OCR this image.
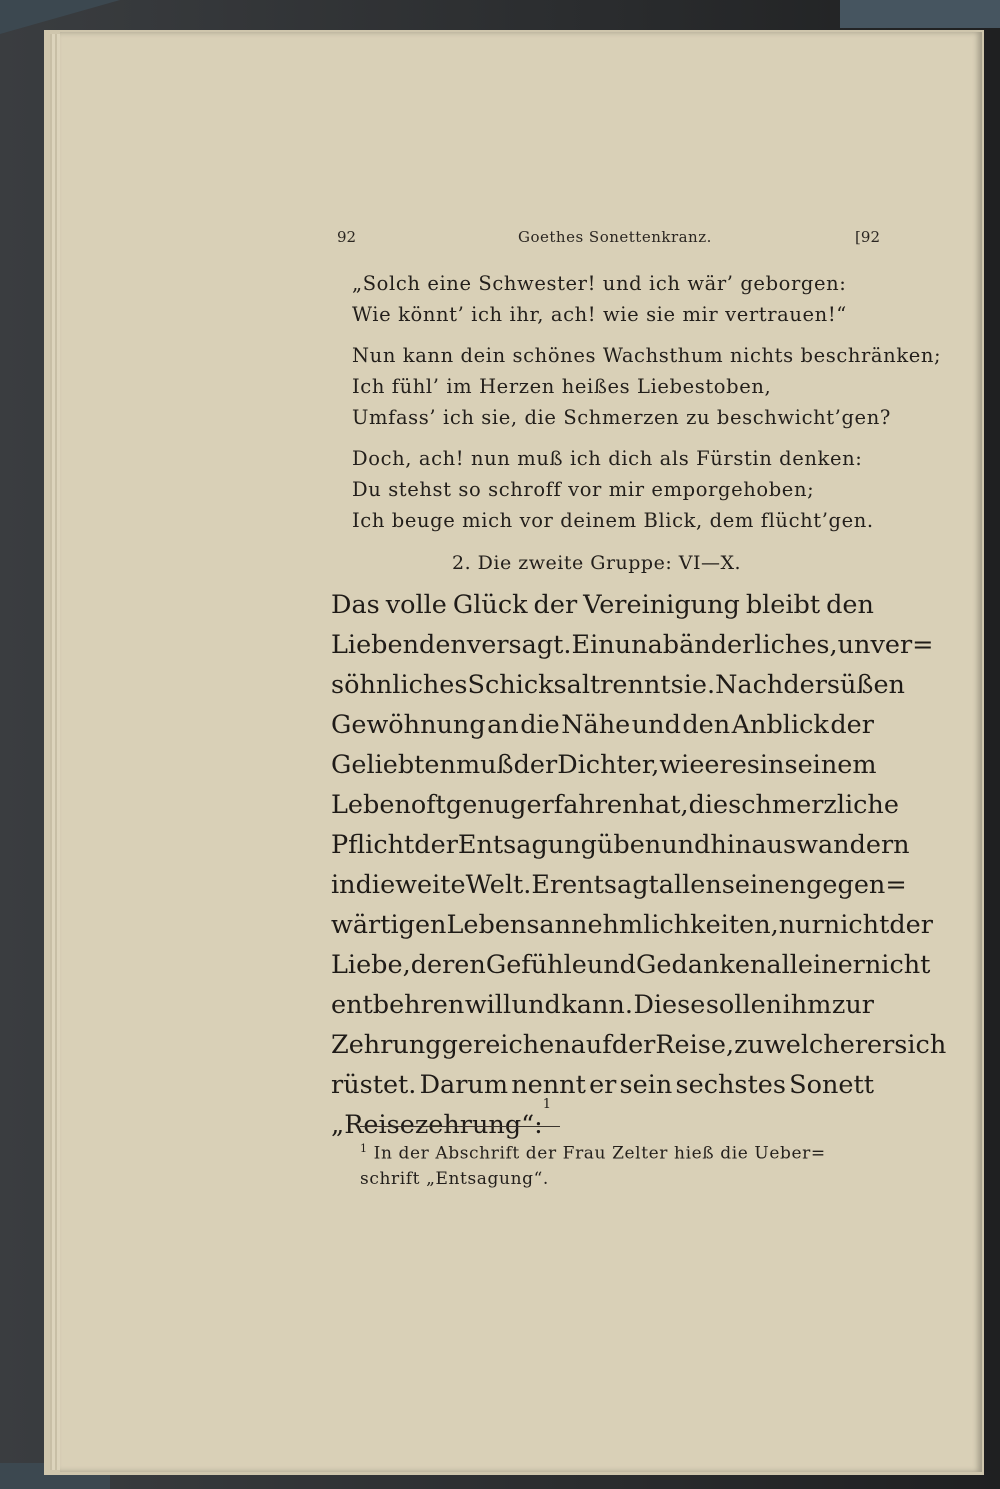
92	Goethes Sonettenkranz.	[92
„Solch eine Schwester! und ich wär’ geborgen:
Wie könnt’ ich ihr, ach! wie sie mir vertrauen!“
Nun kann dein schönes Wachsthum nichts beschränken;
Ich fühl’ im Herzen heißes Liebestoben,
Umfass’ ich sie, die Schmerzen zu beschwicht’gen?
Doch, ach! nun muß ich dich als Fürstin denken:
Du stehst so schroff vor mir emporgehoben;
Ich beuge mich vor deinem Blick, dem flücht’gen.
2. Die zweite Gruppe: VI—X.
Das volle Glück der Vereinigung bleibt den
Liebenden versagt. Ein unabänderliches, unver=
söhnliches Schicksal trennt sie. Nach der süßen
Gewöhnung an die Nähe und den Anblick der
Geliebten muß der Dichter, wie er es in seinem
Leben oft genug erfahren hat, die schmerzliche
Pflicht der Entsagung üben und hinauswandern
in die weite Welt. Er entsagt allen seinen gegen=
wärtigen Lebensannehmlichkeiten, nur nicht der
Liebe, deren Gefühle und Gedanken allein er nicht
entbehren will und kann. Diese sollen ihm zur
Zehrung gereichen auf der Reise, zu welcher er sich
rüstet. Darum nennt er sein sechstes Sonett
„Reisezehrung“:
1
$^1$ In der Abschrift der Frau Zelter hieß die Ueber=
schrift „Entsagung“.
